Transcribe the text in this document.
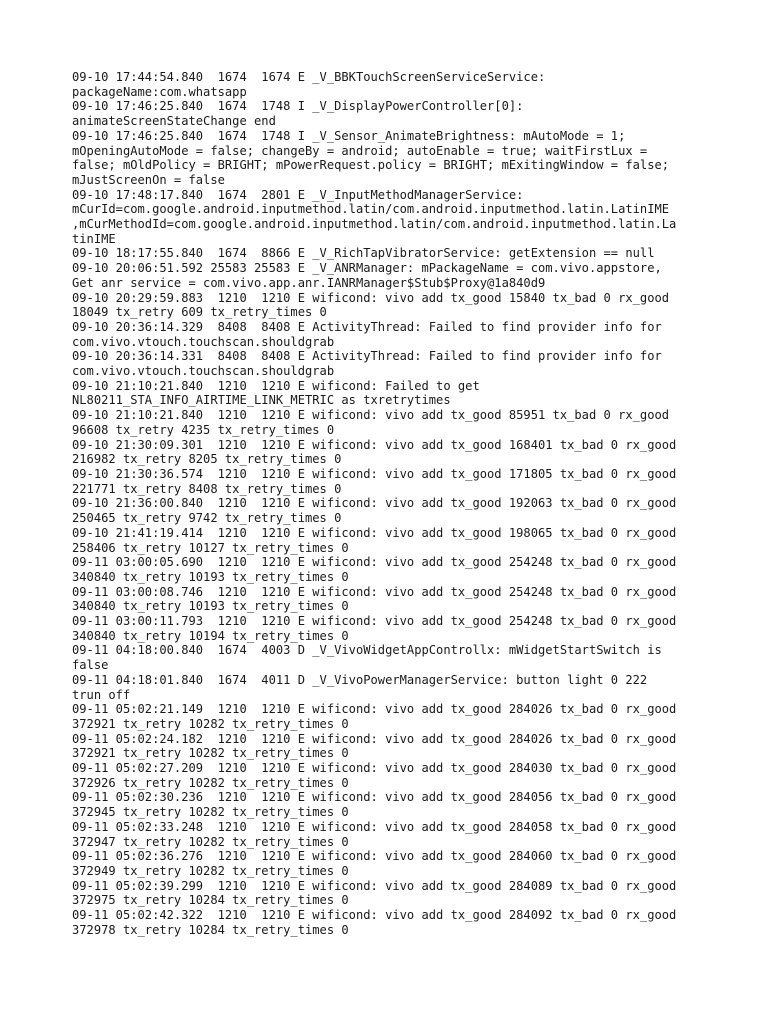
09-10 17:44:54.840  1674  1674 E _V_BBKTouchScreenServiceService:
packageName:com.whatsapp
09-10 17:46:25.840  1674  1748 I _V_DisplayPowerController[0]:
animateScreenStateChange end
09-10 17:46:25.840  1674  1748 I _V_Sensor_AnimateBrightness: mAutoMode = 1;
mOpeningAutoMode = false; changeBy = android; autoEnable = true; waitFirstLux =
false; mOldPolicy = BRIGHT; mPowerRequest.policy = BRIGHT; mExitingWindow = false;
mJustScreenOn = false
09-10 17:48:17.840  1674  2801 E _V_InputMethodManagerService:
mCurId=com.google.android.inputmethod.latin/com.android.inputmethod.latin.LatinIME
,mCurMethodId=com.google.android.inputmethod.latin/com.android.inputmethod.latin.La
tinIME
09-10 18:17:55.840  1674  8866 E _V_RichTapVibratorService: getExtension == null
09-10 20:06:51.592 25583 25583 E _V_ANRManager: mPackageName = com.vivo.appstore,
Get anr service = com.vivo.app.anr.IANRManager$Stub$Proxy@1a840d9
09-10 20:29:59.883  1210  1210 E wificond: vivo add tx_good 15840 tx_bad 0 rx_good
18049 tx_retry 609 tx_retry_times 0
09-10 20:36:14.329  8408  8408 E ActivityThread: Failed to find provider info for
com.vivo.vtouch.touchscan.shouldgrab
09-10 20:36:14.331  8408  8408 E ActivityThread: Failed to find provider info for
com.vivo.vtouch.touchscan.shouldgrab
09-10 21:10:21.840  1210  1210 E wificond: Failed to get
NL80211_STA_INFO_AIRTIME_LINK_METRIC as txretrytimes
09-10 21:10:21.840  1210  1210 E wificond: vivo add tx_good 85951 tx_bad 0 rx_good
96608 tx_retry 4235 tx_retry_times 0
09-10 21:30:09.301  1210  1210 E wificond: vivo add tx_good 168401 tx_bad 0 rx_good
216982 tx_retry 8205 tx_retry_times 0
09-10 21:30:36.574  1210  1210 E wificond: vivo add tx_good 171805 tx_bad 0 rx_good
221771 tx_retry 8408 tx_retry_times 0
09-10 21:36:00.840  1210  1210 E wificond: vivo add tx_good 192063 tx_bad 0 rx_good
250465 tx_retry 9742 tx_retry_times 0
09-10 21:41:19.414  1210  1210 E wificond: vivo add tx_good 198065 tx_bad 0 rx_good
258406 tx_retry 10127 tx_retry_times 0
09-11 03:00:05.690  1210  1210 E wificond: vivo add tx_good 254248 tx_bad 0 rx_good
340840 tx_retry 10193 tx_retry_times 0
09-11 03:00:08.746  1210  1210 E wificond: vivo add tx_good 254248 tx_bad 0 rx_good
340840 tx_retry 10193 tx_retry_times 0
09-11 03:00:11.793  1210  1210 E wificond: vivo add tx_good 254248 tx_bad 0 rx_good
340840 tx_retry 10194 tx_retry_times 0
09-11 04:18:00.840  1674  4003 D _V_VivoWidgetAppControllx: mWidgetStartSwitch is
false
09-11 04:18:01.840  1674  4011 D _V_VivoPowerManagerService: button light 0 222
trun off
09-11 05:02:21.149  1210  1210 E wificond: vivo add tx_good 284026 tx_bad 0 rx_good
372921 tx_retry 10282 tx_retry_times 0
09-11 05:02:24.182  1210  1210 E wificond: vivo add tx_good 284026 tx_bad 0 rx_good
372921 tx_retry 10282 tx_retry_times 0
09-11 05:02:27.209  1210  1210 E wificond: vivo add tx_good 284030 tx_bad 0 rx_good
372926 tx_retry 10282 tx_retry_times 0
09-11 05:02:30.236  1210  1210 E wificond: vivo add tx_good 284056 tx_bad 0 rx_good
372945 tx_retry 10282 tx_retry_times 0
09-11 05:02:33.248  1210  1210 E wificond: vivo add tx_good 284058 tx_bad 0 rx_good
372947 tx_retry 10282 tx_retry_times 0
09-11 05:02:36.276  1210  1210 E wificond: vivo add tx_good 284060 tx_bad 0 rx_good
372949 tx_retry 10282 tx_retry_times 0
09-11 05:02:39.299  1210  1210 E wificond: vivo add tx_good 284089 tx_bad 0 rx_good
372975 tx_retry 10284 tx_retry_times 0
09-11 05:02:42.322  1210  1210 E wificond: vivo add tx_good 284092 tx_bad 0 rx_good
372978 tx_retry 10284 tx_retry_times 0
